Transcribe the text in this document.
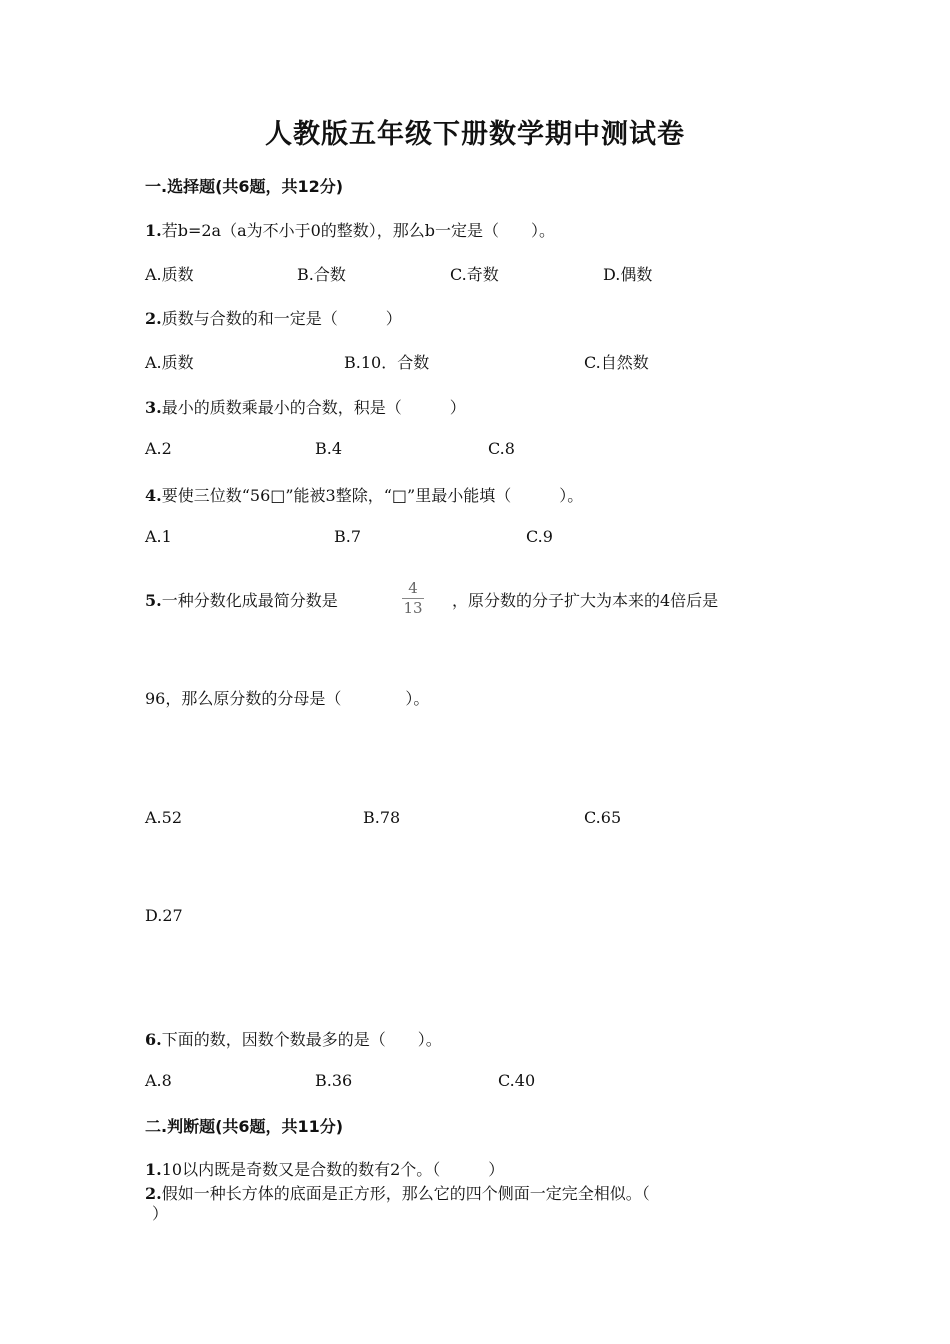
人教版五年级下册数学期中测试卷
一.选择题(共6题，共12分)
1.若b=2a（a为不小于0的整数），那么b一定是（　　）。
A.质数	B.合数	C.奇数	D.偶数
2.质数与合数的和一定是（　　　）
A.质数	B.10．合数	C.自然数
3.最小的质数乘最小的合数，积是（　　　）
A.2	B.4	C.8
4.要使三位数“56□”能被3整除，“□”里最小能填（　　　）。
A.1	B.7	C.9
5.一种分数化成最简分数是
4
13 ，原分数的分子扩大为本来的4倍后是
96，那么原分数的分母是（　　　　）。
A.52	B.78	C.65
D.27
6.下面的数，因数个数最多的是（　　）。
A.8	B.36	C.40
二.判断题(共6题，共11分)
1.10以内既是奇数又是合数的数有2个。（　　　）
2.假如一种长方体的底面是正方形，那么它的四个侧面一定完全相似。（
）
